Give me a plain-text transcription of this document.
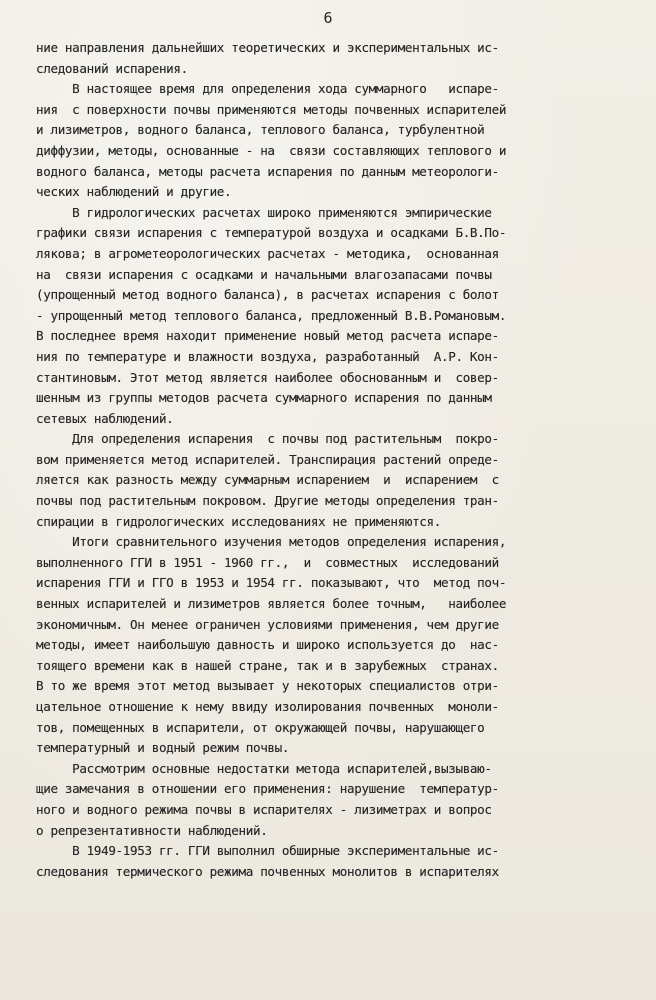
6
ние направления дальнейших теоретических и экспериментальных ис-
следований испарения.
В настоящее время для определения хода суммарного   испаре-
ния  с поверхности почвы применяются методы почвенных испарителей
и лизиметров, водного баланса, теплового баланса, турбулентной
диффузии, методы, основанные - на  связи составляющих теплового и
водного баланса, методы расчета испарения по данным метеорологи-
ческих наблюдений и другие.
В гидрологических расчетах широко применяются эмпирические
графики связи испарения с температурой воздуха и осадками Б.В.По-
лякова; в агрометеорологических расчетах - методика,  основанная
на  связи испарения с осадками и начальными влагозапасами почвы
(упрощенный метод водного баланса), в расчетах испарения с болот
- упрощенный метод теплового баланса, предложенный В.В.Романовым.
В последнее время находит применение новый метод расчета испаре-
ния по температуре и влажности воздуха, разработанный  А.Р. Кон-
стантиновым. Этот метод является наиболее обоснованным и  совер-
шенным из группы методов расчета суммарного испарения по данным
сетевых наблюдений.
Для определения испарения  с почвы под растительным  покро-
вом применяется метод испарителей. Транспирация растений опреде-
ляется как разность между суммарным испарением  и  испарением  с
почвы под растительным покровом. Другие методы определения тран-
спирации в гидрологических исследованиях не применяются.
Итоги сравнительного изучения методов определения испарения,
выполненного ГГИ в 1951 - 1960 гг.,  и  совместных  исследований
испарения ГГИ и ГГО в 1953 и 1954 гг. показывают, что  метод поч-
венных испарителей и лизиметров является более точным,   наиболее
экономичным. Он менее ограничен условиями применения, чем другие
методы, имеет наибольшую давность и широко используется до  нас-
тоящего времени как в нашей стране, так и в зарубежных  странах.
В то же время этот метод вызывает у некоторых специалистов отри-
цательное отношение к нему ввиду изолирования почвенных  моноли-
тов, помещенных в испарители, от окружающей почвы, нарушающего
температурный и водный режим почвы.
Рассмотрим основные недостатки метода испарителей,вызываю-
щие замечания в отношении его применения: нарушение  температур-
ного и водного режима почвы в испарителях - лизиметрах и вопрос
о репрезентативности наблюдений.
В 1949-1953 гг. ГГИ выполнил обширные экспериментальные ис-
следования термического режима почвенных монолитов в испарителях
